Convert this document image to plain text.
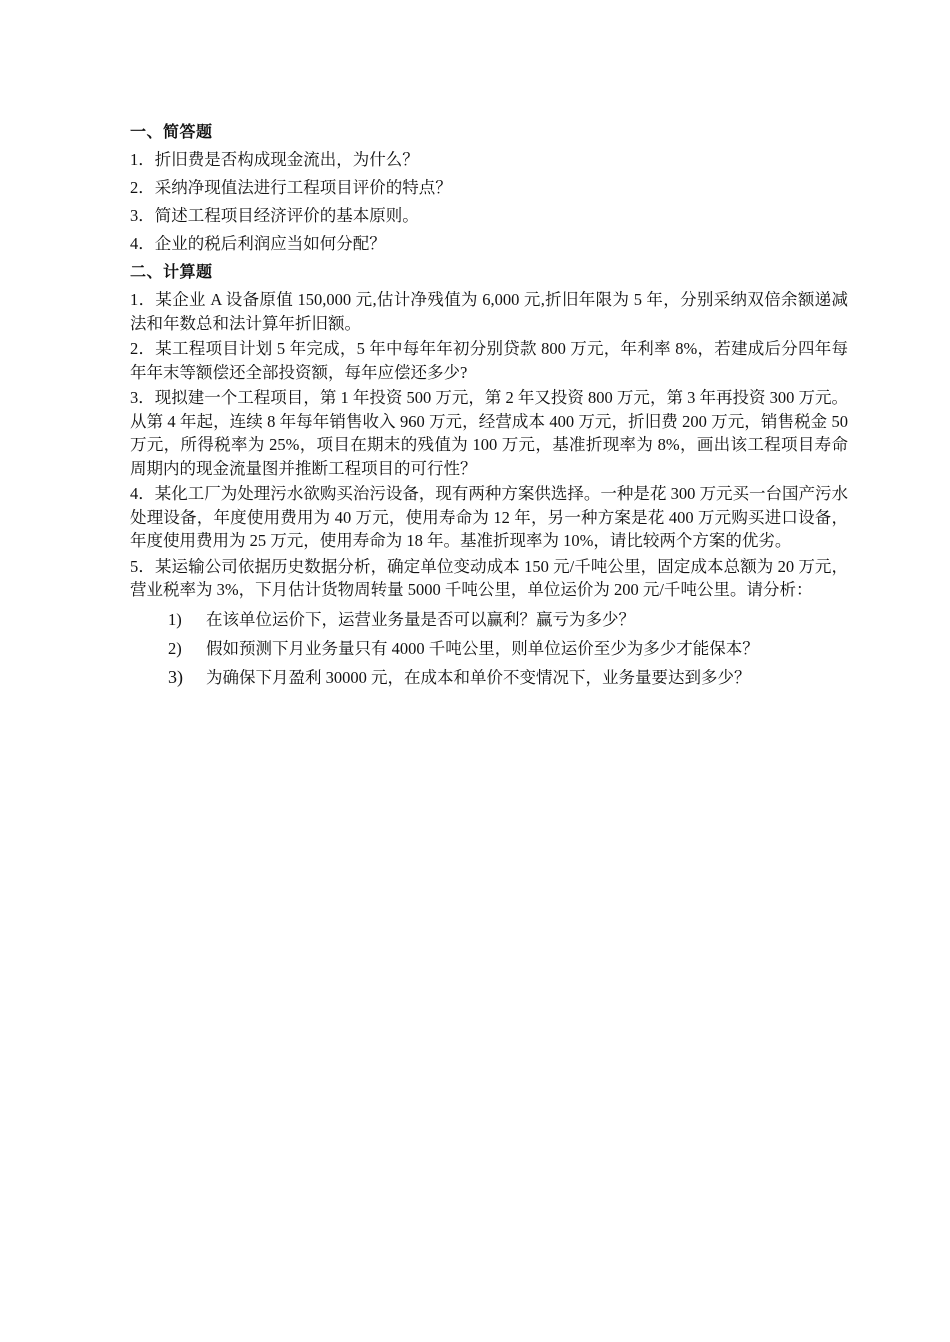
一、简答题
1．折旧费是否构成现金流出，为什么？
2．采纳净现值法进行工程项目评价的特点？
3．简述工程项目经济评价的基本原则。
4．企业的税后利润应当如何分配？
二、计算题
1．某企业 A 设备原值 150,000 元,估计净残值为 6,000 元,折旧年限为 5 年，分别采纳双倍余额递减法和年数总和法计算年折旧额。
2．某工程项目计划 5 年完成，5 年中每年年初分别贷款 800 万元，年利率 8%，若建成后分四年每年年末等额偿还全部投资额，每年应偿还多少?
3．现拟建一个工程项目，第 1 年投资 500 万元，第 2 年又投资 800 万元，第 3 年再投资 300 万元。从第 4 年起，连续 8 年每年销售收入 960 万元，经营成本 400 万元，折旧费 200 万元，销售税金 50 万元，所得税率为 25%，项目在期末的残值为 100 万元，基准折现率为 8%，画出该工程项目寿命周期内的现金流量图并推断工程项目的可行性？
4．某化工厂为处理污水欲购买治污设备，现有两种方案供选择。一种是花 300 万元买一台国产污水处理设备，年度使用费用为 40 万元，使用寿命为 12 年，另一种方案是花 400 万元购买进口设备，年度使用费用为 25 万元，使用寿命为 18 年。基准折现率为 10%，请比较两个方案的优劣。
5．某运输公司依据历史数据分析，确定单位变动成本 150 元/千吨公里，固定成本总额为 20 万元，营业税率为 3%，下月估计货物周转量 5000 千吨公里，单位运价为 200 元/千吨公里。请分析：
1) 在该单位运价下，运营业务量是否可以赢利？赢亏为多少？
2) 假如预测下月业务量只有 4000 千吨公里，则单位运价至少为多少才能保本？
3) 为确保下月盈利 30000 元，在成本和单价不变情况下，业务量要达到多少？
